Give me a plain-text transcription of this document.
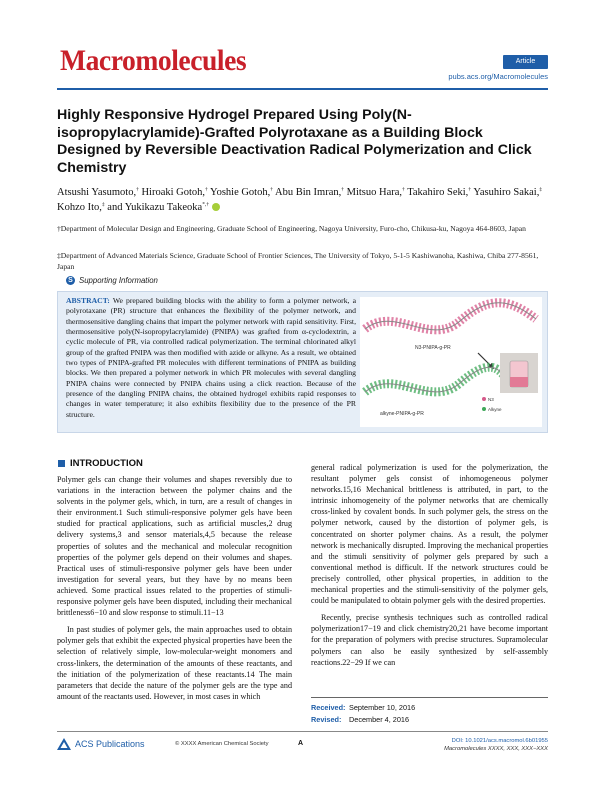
Macromolecules	Article
pubs.acs.org/Macromolecules
Highly Responsive Hydrogel Prepared Using Poly(N-isopropylacrylamide)-Grafted Polyrotaxane as a Building Block Designed by Reversible Deactivation Radical Polymerization and Click Chemistry
Atsushi Yasumoto,† Hiroaki Gotoh,† Yoshie Gotoh,† Abu Bin Imran,† Mitsuo Hara,† Takahiro Seki,† Yasuhiro Sakai,‡ Kohzo Ito,‡ and Yukikazu Takeoka*,†
†Department of Molecular Design and Engineering, Graduate School of Engineering, Nagoya University, Furo-cho, Chikusa-ku, Nagoya 464-8603, Japan
‡Department of Advanced Materials Science, Graduate School of Frontier Sciences, The University of Tokyo, 5-1-5 Kashiwanoha, Kashiwa, Chiba 277-8561, Japan
S Supporting Information
ABSTRACT: We prepared building blocks with the ability to form a polymer network, a polyrotaxane (PR) structure that enhances the flexibility of the polymer network, and thermosensitive dangling chains that impart the polymer network with rapid sensitivity. First, thermosensitive poly(N-isopropylacrylamide) (PNIPA) was grafted from α-cyclodextrin, a cyclic molecule of PR, via controlled radical polymerization. The terminal chlorinated alkyl group of the grafted PNIPA was then modified with azide or alkyne. As a result, we obtained two types of PNIPA-grafted PR molecules with different terminations of PNIPA as building blocks. We then prepared a polymer network in which PR molecules with several dangling PNIPA chains were connected by PNIPA chains using a click reaction. Because of the presence of the dangling PNIPA chains, the obtained hydrogel exhibits rapid responses to changes in water temperature; it also exhibits flexibility due to the presence of the PR structure.
N3-PNIPA-g-PR
alkyne-PNIPA-g-PR
N3
Alkyne
INTRODUCTION

Polymer gels can change their volumes and shapes reversibly due to variations in the interaction between the polymer chains and the solvents in the polymer gels, which, in turn, are a result of changes in their environment.1 Such stimuli-responsive polymer gels have been studied for practical applications, such as artificial muscles,2 drug delivery systems,3 and sensor materials,4,5 because the release properties of solutes and the mechanical and molecular recognition properties of the polymer gels depend on their volumes and shapes. Practical uses of stimuli-responsive polymer gels have been under investigation for several years, but they have by no means been achieved. Some practical issues related to the properties of stimuli-responsive polymer gels have been disputed, including their mechanical brittleness6−10 and slow response to stimuli.11−13

In past studies of polymer gels, the main approaches used to obtain polymer gels that exhibit the expected physical properties have been the selection of relatively simple, low-molecular-weight monomers and cross-linkers, the determination of the amounts of these reactants, and the initiation of the polymerization of these reactants.14 The main parameters that decide the nature of the polymer gels are the type and amount of the reactants used. However, in most cases in which

general radical polymerization is used for the polymerization, the resultant polymer gels consist of inhomogeneous polymer networks.15,16 Mechanical brittleness is attributed, in part, to the intrinsic inhomogeneity of the polymer networks that are chemically cross-linked by covalent bonds. In such polymer gels, the stress on the polymer network, caused by the distortion of polymer gels, is concentrated on shorter polymer chains. As a result, the polymer network is mechanically disrupted. Improving the mechanical properties and the stimuli sensitivity of polymer gels prepared by such a conventional method is difficult. If the network structures could be precisely controlled, other physical properties, in addition to the mechanical properties and the stimuli-sensitivity of the polymer gels, could be manipulated to obtain polymer gels with the desired properties.

Recently, precise synthesis techniques such as controlled radical polymerization17−19 and click chemistry20,21 have become important for the preparation of polymers with precise structures. Supramolecular polymers can also be easily synthesized by self-assembly reactions.22−29 If we can

Received: September 10, 2016
Revised:	December 4, 2016
ACS Publications	© XXXX American Chemical Society	A	DOI: 10.1021/acs.macromol.6b01955
Macromolecules XXXX, XXX, XXX−XXX
